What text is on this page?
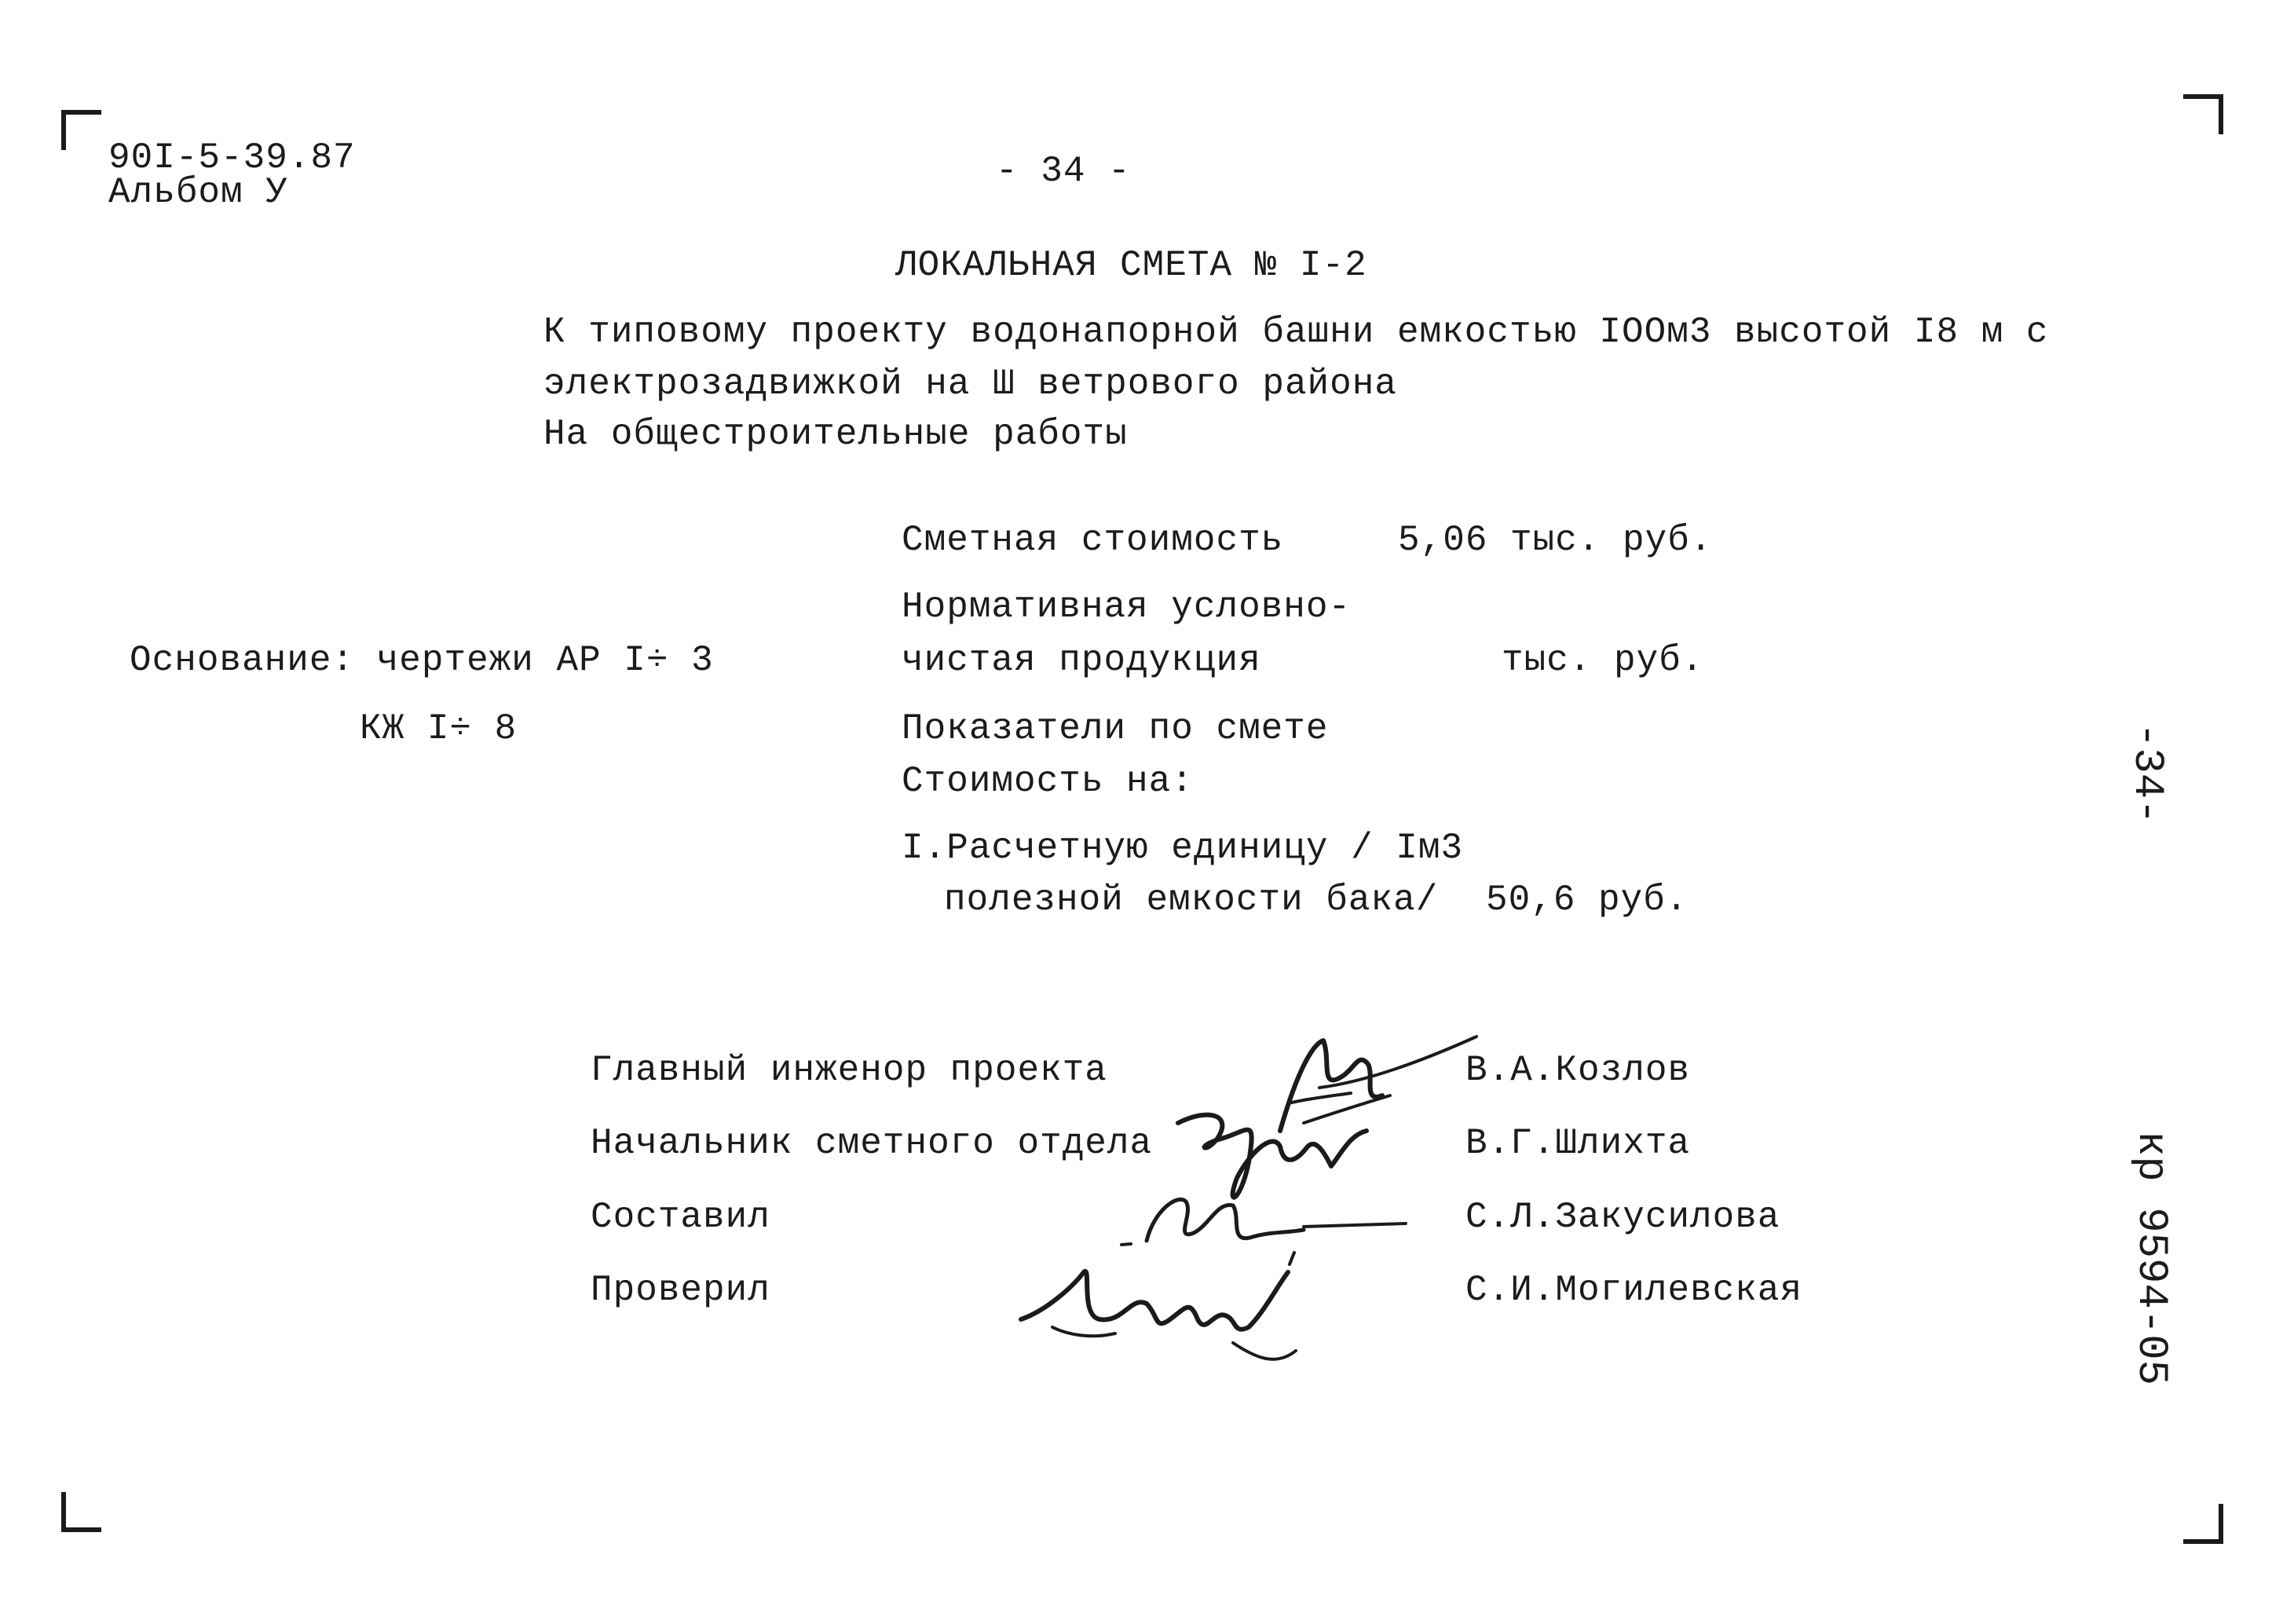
90I-5-39.87
Альбом У
- 34 -
ЛОКАЛЬНАЯ СМЕТА № I-2
К типовому проекту водонапорной башни емкостью IOOм3 высотой I8 м с
электрозадвижкой на Ш ветрового района
На общестроительные работы
Сметная стоимость	5,06 тыс. руб.
Нормативная условно-
чистая продукция	тыс. руб.
Показатели по смете
Стоимость на:
I.Расчетную единицу / Iм3
полезной емкости бака/ 50,6 руб.
Основание: чертежи АР I÷ 3
КЖ I÷ 8
Главный инженор проекта	В.А.Козлов
Начальник сметного отдела	В.Г.Шлихта
Составил	С.Л.Закусилова
Проверил	С.И.Могилевская
-34-
кр 9594-05
